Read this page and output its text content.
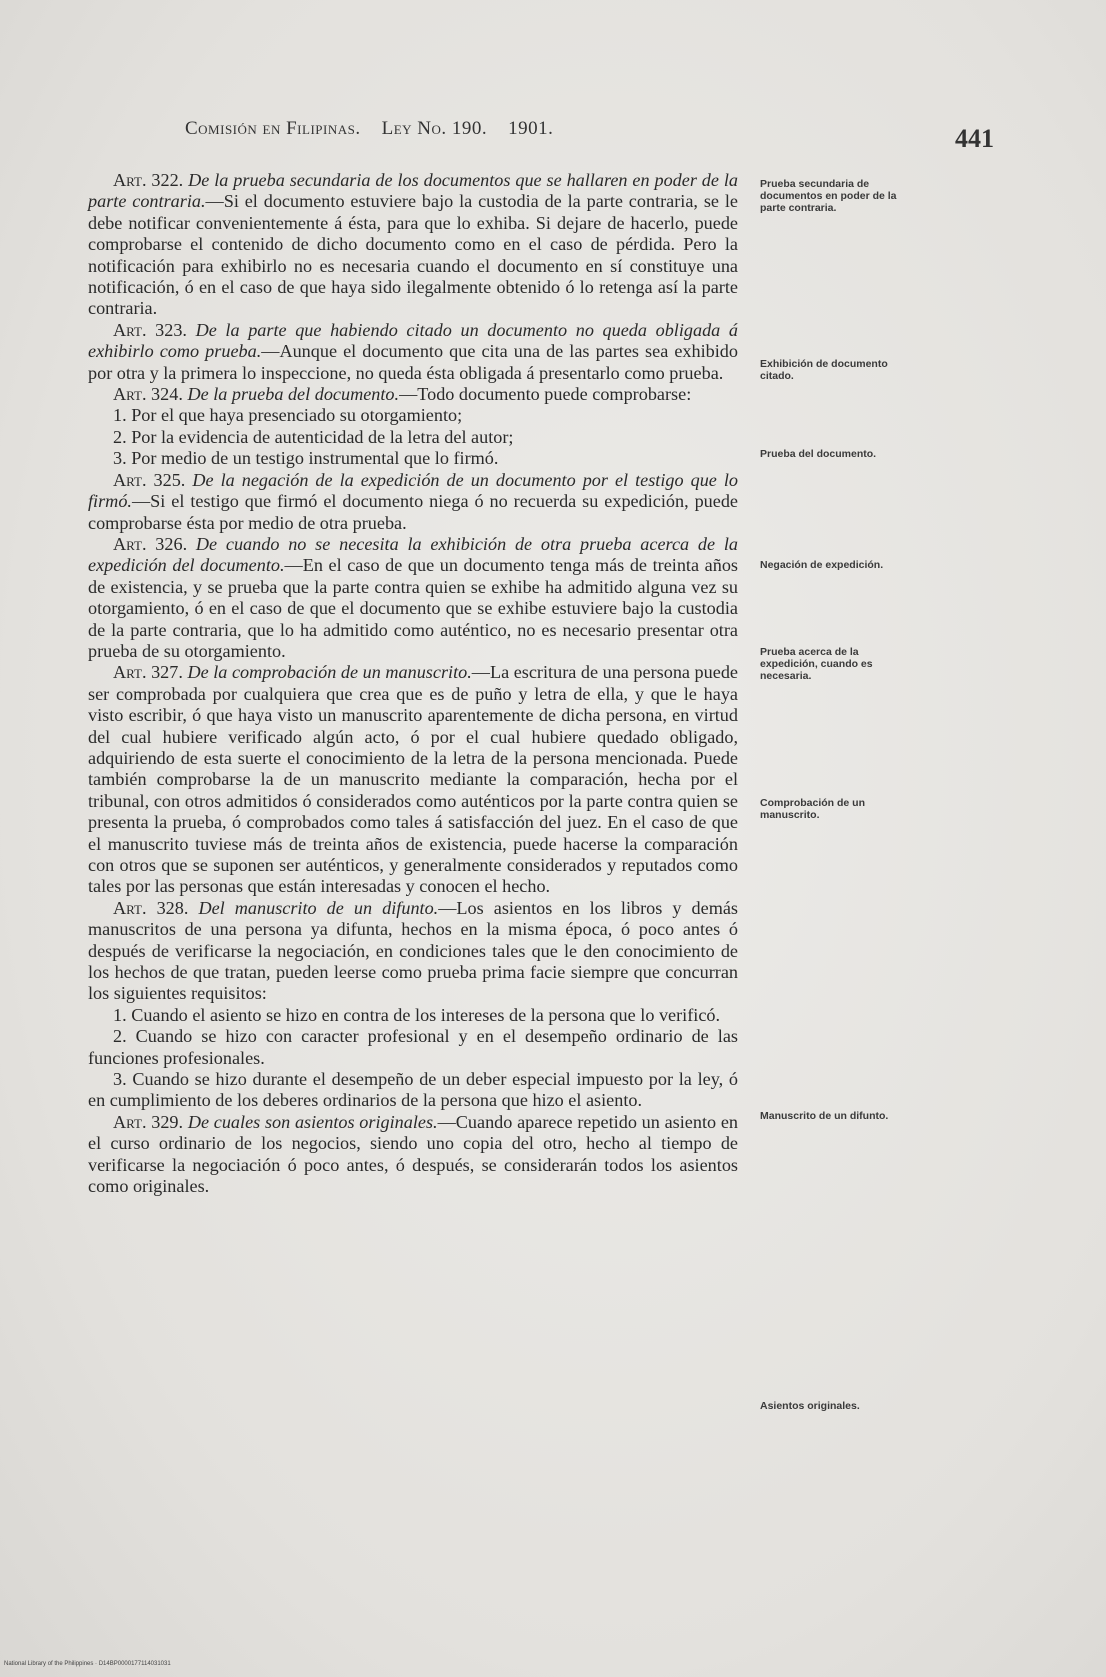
Comisión en Filipinas. Ley No. 190. 1901.	441

Art. 322. De la prueba secundaria de los documentos que se hallaren en poder de la parte contraria.—Si el documento estuviere bajo la custodia de la parte contraria, se le debe notificar convenientemente á ésta, para que lo exhiba. Si dejare de hacerlo, puede comprobarse el contenido de dicho documento como en el caso de pérdida. Pero la notificación para exhibirlo no es necesaria cuando el documento en sí constituye una notificación, ó en el caso de que haya sido ilegalmente obtenido ó lo retenga así la parte contraria.

Art. 323. De la parte que habiendo citado un documento no queda obligada á exhibirlo como prueba.—Aunque el documento que cita una de las partes sea exhibido por otra y la primera lo inspeccione, no queda ésta obligada á presentarlo como prueba.

Art. 324. De la prueba del documento.—Todo documento puede comprobarse:

1. Por el que haya presenciado su otorgamiento;

2. Por la evidencia de autenticidad de la letra del autor;

3. Por medio de un testigo instrumental que lo firmó.

Art. 325. De la negación de la expedición de un documento por el testigo que lo firmó.—Si el testigo que firmó el documento niega ó no recuerda su expedición, puede comprobarse ésta por medio de otra prueba.

Art. 326. De cuando no se necesita la exhibición de otra prueba acerca de la expedición del documento.—En el caso de que un documento tenga más de treinta años de existencia, y se prueba que la parte contra quien se exhibe ha admitido alguna vez su otorgamiento, ó en el caso de que el documento que se exhibe estuviere bajo la custodia de la parte contraria, que lo ha admitido como auténtico, no es necesario presentar otra prueba de su otorgamiento.

Art. 327. De la comprobación de un manuscrito.—La escritura de una persona puede ser comprobada por cualquiera que crea que es de puño y letra de ella, y que le haya visto escribir, ó que haya visto un manuscrito aparentemente de dicha persona, en virtud del cual hubiere verificado algún acto, ó por el cual hubiere quedado obligado, adquiriendo de esta suerte el conocimiento de la letra de la persona mencionada. Puede también comprobarse la de un manuscrito mediante la comparación, hecha por el tribunal, con otros admitidos ó considerados como auténticos por la parte contra quien se presenta la prueba, ó comprobados como tales á satisfacción del juez. En el caso de que el manuscrito tuviese más de treinta años de existencia, puede hacerse la comparación con otros que se suponen ser auténticos, y generalmente considerados y reputados como tales por las personas que están interesadas y conocen el hecho.

Art. 328. Del manuscrito de un difunto.—Los asientos en los libros y demás manuscritos de una persona ya difunta, hechos en la misma época, ó poco antes ó después de verificarse la negociación, en condiciones tales que le den conocimiento de los hechos de que tratan, pueden leerse como prueba prima facie siempre que concurran los siguientes requisitos:

1. Cuando el asiento se hizo en contra de los intereses de la persona que lo verificó.

2. Cuando se hizo con caracter profesional y en el desempeño ordinario de las funciones profesionales.

3. Cuando se hizo durante el desempeño de un deber especial impuesto por la ley, ó en cumplimiento de los deberes ordinarios de la persona que hizo el asiento.

Art. 329. De cuales son asientos originales.—Cuando aparece repetido un asiento en el curso ordinario de los negocios, siendo uno copia del otro, hecho al tiempo de verificarse la negociación ó poco antes, ó después, se considerarán todos los asientos como originales.

Prueba secundaria de documentos en poder de la parte contraria.
Exhibición de documento citado.
Prueba del documento.
Negación de expedición.
Prueba acerca de la expedición, cuando es necesaria.
Comprobación de un manuscrito.
Manuscrito de un difunto.
Asientos originales.
National Library of the Philippines · D14BP0000177114031031
